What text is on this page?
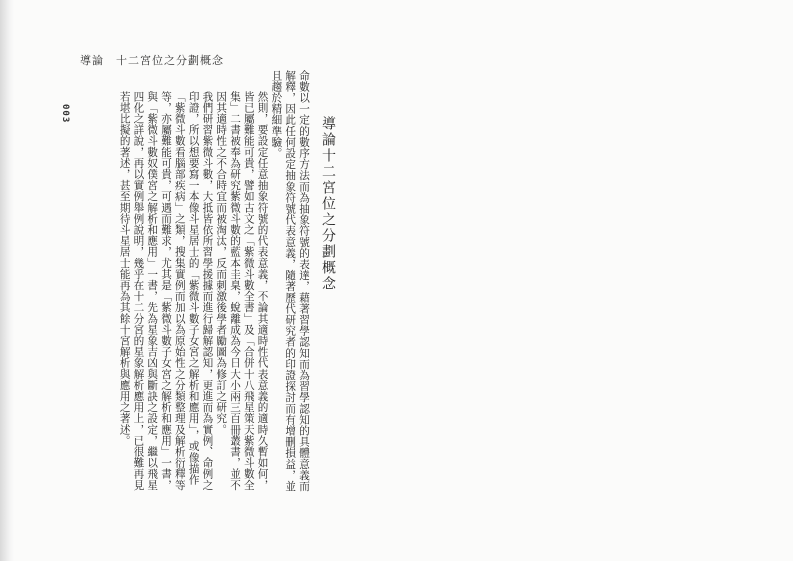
導論 十二宮位之分劃概念
003
導論十二宮位之分劃概念

命數以一定的數序方法而為抽象符號的表達，藉著習學認知而為習學認知的具體意義而解釋，因此任何設定抽象符號代表意義，隨著歷代研究者的印證探討而有增刪損益，並且趨於精細準驗。

然則，要設定任意抽象符號的代表意義，不論其適時性代表意義的適時久暫如何，皆已屬難能可貴，譬如古文之「紫微斗數全書」及「合併十八飛星策天紫微斗數全集」二書被奉為研究紫微斗數的藍本圭臬，蛻離成為今日大小兩三百冊叢書，並不因其適時性之不合時宜而被淘汰，反而刺激後學者勵圖為修訂之研究。

我們研習紫微斗數，大抵皆依所習學援據而進行歸解認知，更進而為實例、命例之印證，所以想要寫一本像斗星居士的「紫微斗數子女宮之解析和應用」，或像描作「紫微斗數看腦部疾病」之類，搜集實例而加以為原始性之分類整理及解析衍釋等等，亦屬難能可貴，可遇而難求，尤其是「紫微斗數子女宮之解析和應用」一書，與「紫微斗數奴僕宮之解析和應用」一書，先為星象吉凶與斷訣之設定，繼以飛星四化之詳說，再以實例舉例說明，幾乎在十二分宮的星象解析應用上，已很難再見若堪比擬的著述，甚至期待斗星居士能再為其餘十宮解析與應用之著述。
